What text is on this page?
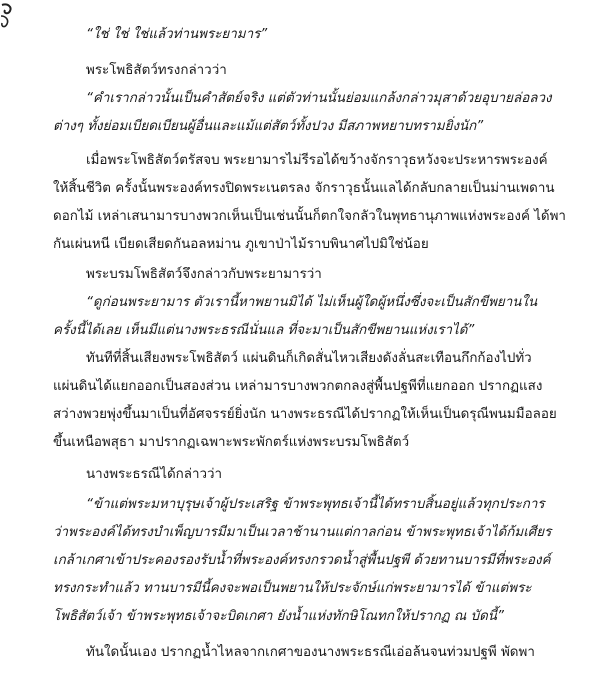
“ใช่ ใช่ ใช่แล้วท่านพระยามาร”
พระโพธิสัตว์ทรงกล่าวว่า
“คำเรากล่าวนั้นเป็นคำสัตย์จริง แต่ตัวท่านนั้นย่อมแกล้งกล่าวมุสาด้วยอุบายล่อลวง
ต่างๆ ทั้งย่อมเบียดเบียนผู้อื่นและแม้แต่สัตว์ทั้งปวง มีสภาพหยาบทรามยิ่งนัก”
เมื่อพระโพธิสัตว์ตรัสจบ พระยามารไม่รีรอได้ขว้างจักราวุธหวังจะประหารพระองค์
ให้สิ้นชีวิต ครั้งนั้นพระองค์ทรงปิดพระเนตรลง จักราวุธนั้นแลได้กลับกลายเป็นม่านเพดาน
ดอกไม้ เหล่าเสนามารบางพวกเห็นเป็นเช่นนั้นก็ตกใจกลัวในพุทธานุภาพแห่งพระองค์ ได้พา
กันเผ่นหนี เบียดเสียดกันอลหม่าน ภูเขาป่าไม้ราบพินาศไปมิใช่น้อย
พระบรมโพธิสัตว์จึงกล่าวกับพระยามารว่า
“ดูก่อนพระยามาร ตัวเรานี้หาพยานมิได้ ไม่เห็นผู้ใดผู้หนึ่งซึ่งจะเป็นสักขีพยานใน
ครั้งนี้ได้เลย เห็นมีแต่นางพระธรณีนั่นแล ที่จะมาเป็นสักขีพยานแห่งเราได้”
ทันทีที่สิ้นเสียงพระโพธิสัตว์ แผ่นดินก็เกิดสั่นไหวเสียงดังลั่นสะเทือนกึกก้องไปทั่ว
แผ่นดินได้แยกออกเป็นสองส่วน เหล่ามารบางพวกตกลงสู่พื้นปฐพีที่แยกออก ปรากฏแสง
สว่างพวยพุ่งขึ้นมาเป็นที่อัศจรรย์ยิ่งนัก นางพระธรณีได้ปรากฏให้เห็นเป็นดรุณีพนมมือลอย
ขึ้นเหนือพสุธา มาปรากฏเฉพาะพระพักตร์แห่งพระบรมโพธิสัตว์
นางพระธรณีได้กล่าวว่า
“ข้าแต่พระมหาบุรุษเจ้าผู้ประเสริฐ ข้าพระพุทธเจ้านี้ได้ทราบสิ้นอยู่แล้วทุกประการ
ว่าพระองค์ได้ทรงบำเพ็ญบารมีมาเป็นเวลาช้านานแต่กาลก่อน ข้าพระพุทธเจ้าได้ก้มเศียร
เกล้าเกศาเข้าประคองรองรับน้ำที่พระองค์ทรงกรวดน้ำสู่พื้นปฐพี ด้วยทานบารมีที่พระองค์
ทรงกระทำแล้ว ทานบารมีนี้คงจะพอเป็นพยานให้ประจักษ์แก่พระยามารได้ ข้าแต่พระ
โพธิสัตว์เจ้า ข้าพระพุทธเจ้าจะบิดเกศา ยังน้ำแห่งทักษิโณทกให้ปรากฏ ณ บัดนี้”
ทันใดนั้นเอง ปรากฏน้ำไหลจากเกศาของนางพระธรณีเอ่อล้นจนท่วมปฐพี พัดพา
